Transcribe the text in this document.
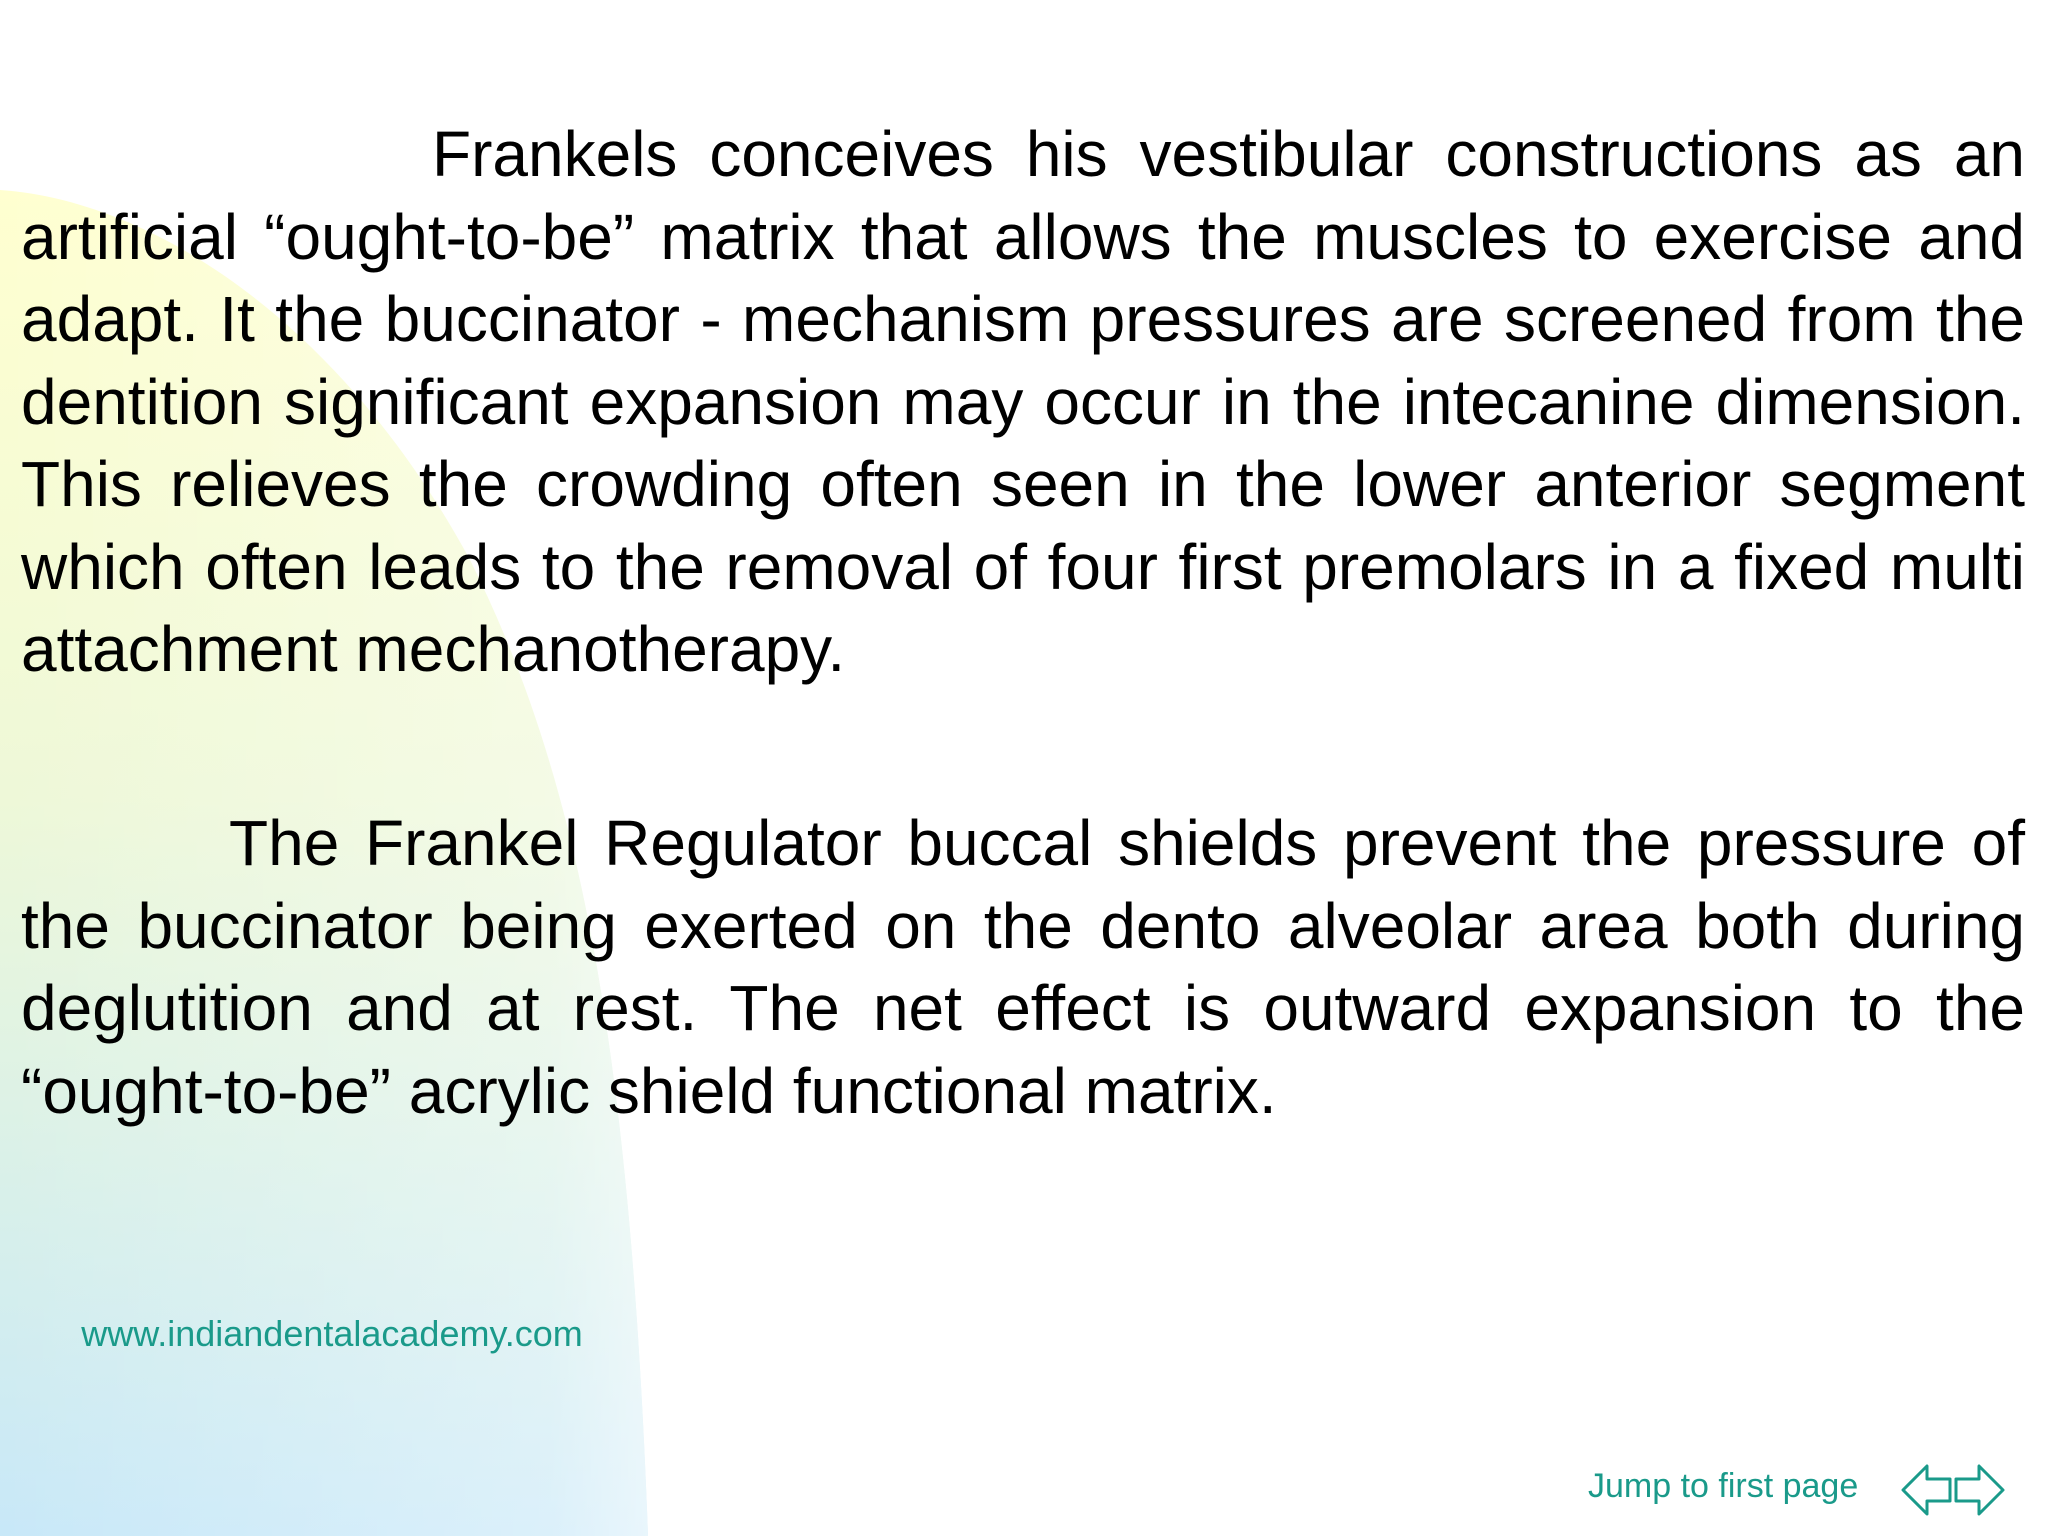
Frankels conceives his vestibular constructions as an artificial “ought-to-be” matrix that allows the muscles to exercise and adapt. It the buccinator - mechanism pressures are screened from the dentition significant expansion may occur in the intecanine dimension. This relieves the crowding often seen in the lower anterior segment which often leads to the removal of four first premolars in a fixed multi attachment mechanotherapy.

The Frankel Regulator buccal shields prevent the pressure of the buccinator being exerted on the dento alveolar area both during deglutition and at rest. The net effect is outward expansion to the “ought-to-be” acrylic shield functional matrix.

www.indiandentalacademy.com
Jump to first page
